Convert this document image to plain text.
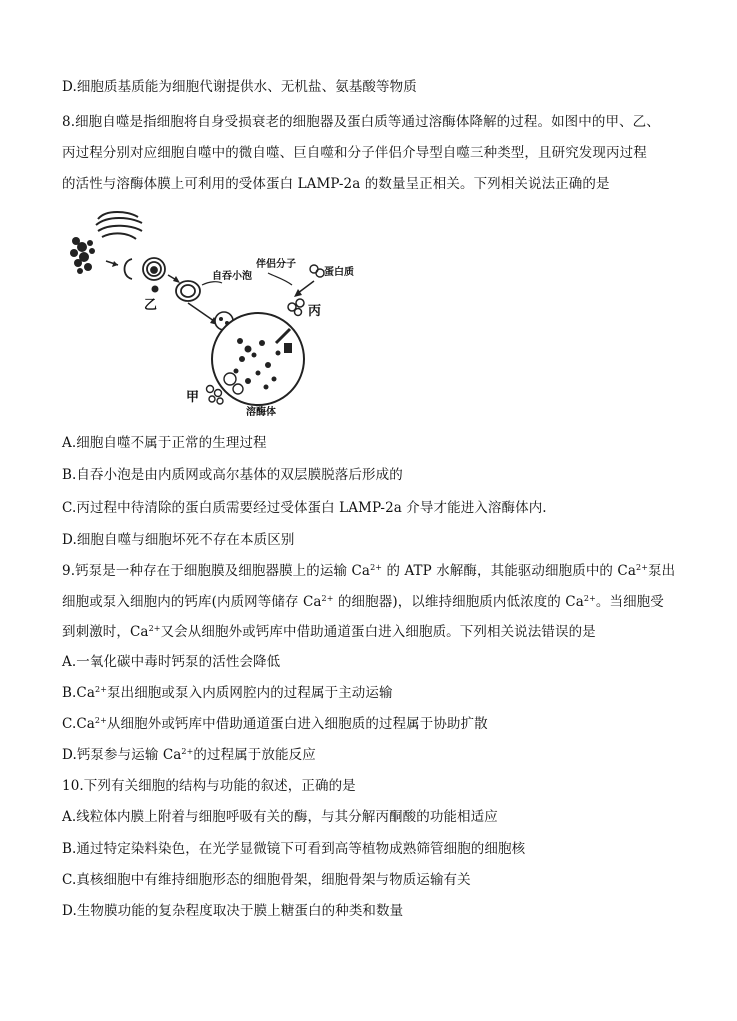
D.细胞质基质能为细胞代谢提供水、无机盐、氨基酸等物质
8.细胞自噬是指细胞将自身受损衰老的细胞器及蛋白质等通过溶酶体降解的过程。如图中的甲、乙、
丙过程分别对应细胞自噬中的微自噬、巨自噬和分子伴侣介导型自噬三种类型，且研究发现丙过程
的活性与溶酶体膜上可利用的受体蛋白 LAMP-2a 的数量呈正相关。下列相关说法正确的是
乙
自吞小泡
伴侣分子
蛋白质
丙
甲
溶酶体
A.细胞自噬不属于正常的生理过程
B.自吞小泡是由内质网或高尔基体的双层膜脱落后形成的
C.丙过程中待清除的蛋白质需要经过受体蛋白 LAMP-2a 介导才能进入溶酶体内.
D.细胞自噬与细胞坏死不存在本质区别
9.钙泵是一种存在于细胞膜及细胞器膜上的运输 $Ca^{2+}$ 的 ATP 水解酶，其能驱动细胞质中的 $Ca^{2+}$泵出
细胞或泵入细胞内的钙库(内质网等储存 $Ca^{2+}$ 的细胞器)，以维持细胞质内低浓度的 $Ca^{2+}$。当细胞受
到刺激时，$Ca^{2+}$又会从细胞外或钙库中借助通道蛋白进入细胞质。下列相关说法错误的是
A.一氧化碳中毒时钙泵的活性会降低
$B.Ca^{2+}$泵出细胞或泵入内质网腔内的过程属于主动运输
$C.Ca^{2+}$从细胞外或钙库中借助通道蛋白进入细胞质的过程属于协助扩散
D.钙泵参与运输 $Ca^{2+}$的过程属于放能反应
10.下列有关细胞的结构与功能的叙述，正确的是
A.线粒体内膜上附着与细胞呼吸有关的酶，与其分解丙酮酸的功能相适应
B.通过特定染料染色，在光学显微镜下可看到高等植物成熟筛管细胞的细胞核
C.真核细胞中有维持细胞形态的细胞骨架，细胞骨架与物质运输有关
D.生物膜功能的复杂程度取决于膜上糖蛋白的种类和数量
